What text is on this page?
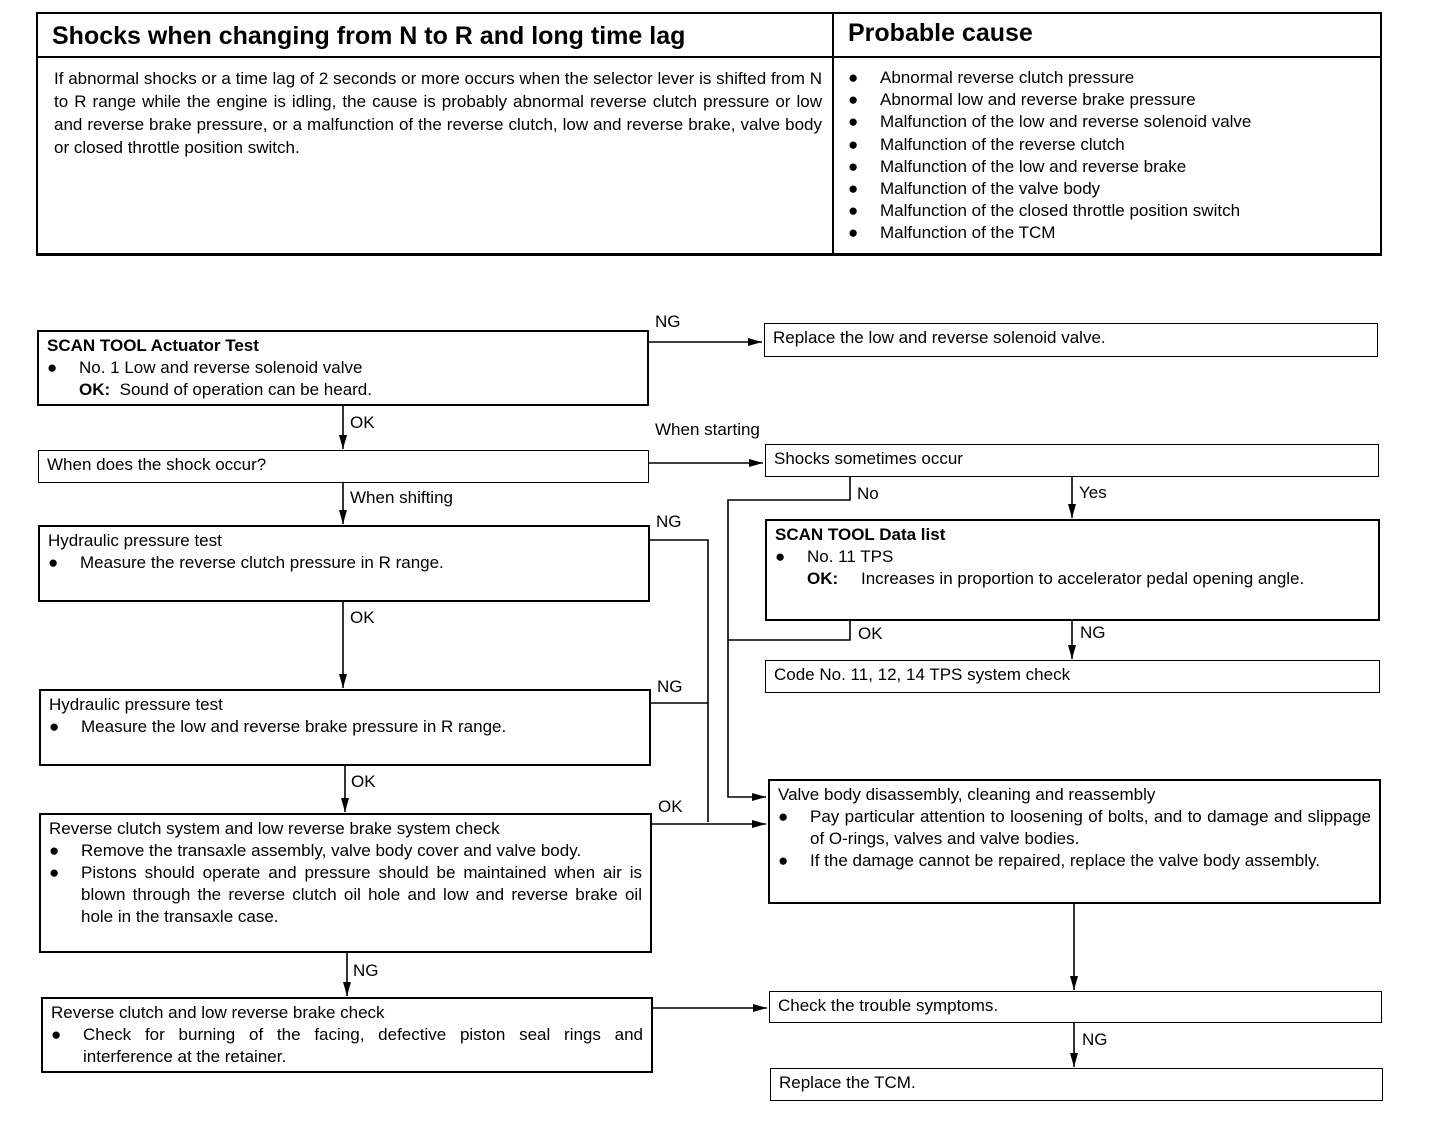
Shocks when changing from N to R and long time lag	Probable cause
If abnormal shocks or a time lag of 2 seconds or more occurs when the selector lever is shifted from N to R range while the engine is idling, the cause is probably abnormal reverse clutch pressure or low and reverse brake pressure, or a malfunction of the reverse clutch, low and reverse brake, valve body or closed throttle position switch.
●	Abnormal reverse clutch pressure
●	Abnormal low and reverse brake pressure
●	Malfunction of the low and reverse solenoid valve
●	Malfunction of the reverse clutch
●	Malfunction of the low and reverse brake
●	Malfunction of the valve body
●	Malfunction of the closed throttle position switch
●	Malfunction of the TCM
SCAN TOOL Actuator Test
●	No. 1 Low and reverse solenoid valve
OK: Sound of operation can be heard.
Replace the low and reverse solenoid valve.
When does the shock occur?	Shocks sometimes occur
Hydraulic pressure test
●	Measure the reverse clutch pressure in R range.
SCAN TOOL Data list
●	No. 11 TPS
OK:	Increases in proportion to accelerator pedal opening angle.
Code No. 11, 12, 14 TPS system check
Hydraulic pressure test
●	Measure the low and reverse brake pressure in R range.
Valve body disassembly, cleaning and reassembly
●	Pay particular attention to loosening of bolts, and to damage and slippage of O-rings, valves and valve bodies.
●	If the damage cannot be repaired, replace the valve body assembly.
Reverse clutch system and low reverse brake system check
●	Remove the transaxle assembly, valve body cover and valve body.
●	Pistons should operate and pressure should be maintained when air is blown through the reverse clutch oil hole and low and reverse brake oil hole in the transaxle case.
Reverse clutch and low reverse brake check
●	Check for burning of the facing, defective piston seal rings and interference at the retainer.
Check the trouble symptoms.
Replace the TCM.
NG
OK	When starting
When shifting
NG
OK
NG
OK
OK
NG
No	Yes
OK	NG
NG
